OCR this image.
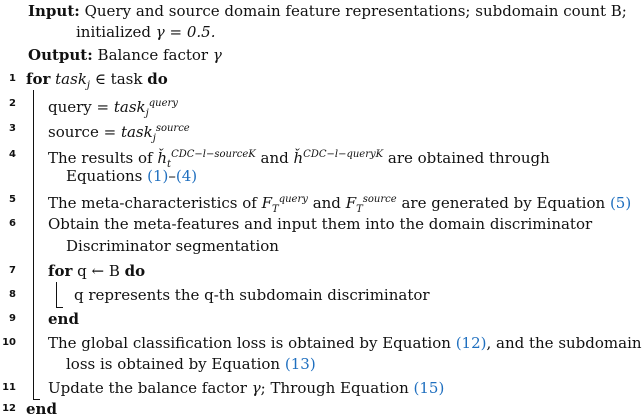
Input: Query and source domain feature representations; subdomain count B;
initialized γ = 0.5.
Output: Balance factor γ
1 for task$_j$ ∈ task do
2 query = task$_j^{query}$
3 source = task$_j^{source}$
4 The results of $ȟ_t^{CDC-l-sourceK}$ and $ȟ^{CDC-l-queryK}$ are obtained through
Equations (1)–(4)
5 The meta-characteristics of $F_T^{query}$ and $F_T^{source}$ are generated by Equation (5)
6 Obtain the meta-features and input them into the domain discriminator
Discriminator segmentation
7 for q ← B do
8	q represents the q-th subdomain discriminator
9 end
10 The global classification loss is obtained by Equation (12), and the subdomain
loss is obtained by Equation (13)
11 Update the balance factor γ; Through Equation (15)
12 end
